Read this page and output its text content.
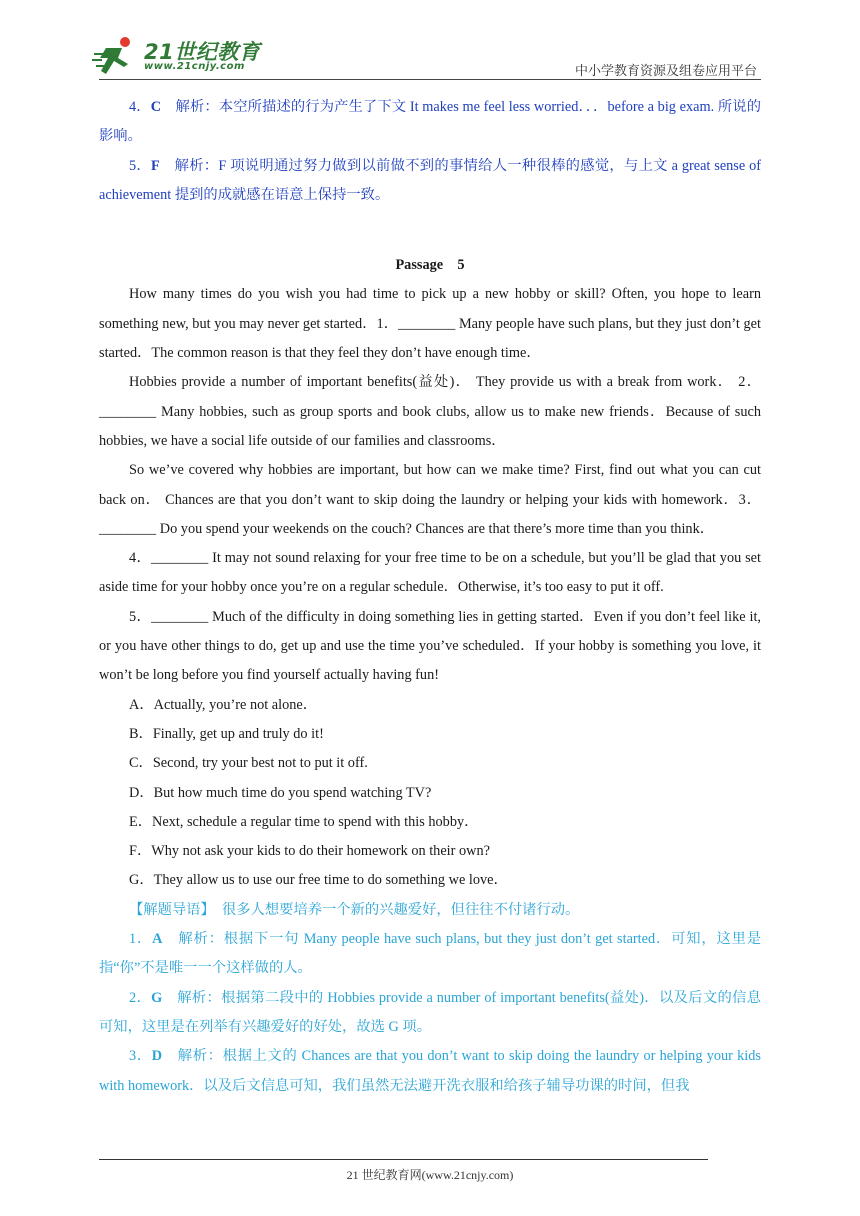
21世纪教育
www.21cnjy.com	中小学教育资源及组卷应用平台

4．C　解析：本空所描述的行为产生了下文 It makes me feel less worried．．．before a big exam. 所说的影响。

5．F　解析：F 项说明通过努力做到以前做不到的事情给人一种很棒的感觉，与上文 a great sense of achievement 提到的成就感在语意上保持一致。

Passage　5

How many times do you wish you had time to pick up a new hobby or skill? Often, you hope to learn something new, but you may never get started．1．________ Many people have such plans, but they just don’t get started．The common reason is that they feel they don’t have enough time．

Hobbies provide a number of important benefits(益处)． They provide us with a break from work． 2． ________ Many hobbies, such as group sports and book clubs, allow us to make new friends．Because of such hobbies, we have a social life outside of our families and classrooms．

So we’ve covered why hobbies are important, but how can we make time? First, find out what you can cut back on． Chances are that you don’t want to skip doing the laundry or helping your kids with homework．3．________ Do you spend your weekends on the couch? Chances are that there’s more time than you think．

4．________ It may not sound relaxing for your free time to be on a schedule, but you’ll be glad that you set aside time for your hobby once you’re on a regular schedule．Otherwise, it’s too easy to put it off.

5．________ Much of the difficulty in doing something lies in getting started．Even if you don’t feel like it, or you have other things to do, get up and use the time you’ve scheduled．If your hobby is something you love, it won’t be long before you find yourself actually having fun!

A．Actually, you’re not alone．

B．Finally, get up and truly do it!

C．Second, try your best not to put it off.

D．But how much time do you spend watching TV?

E．Next, schedule a regular time to spend with this hobby．

F．Why not ask your kids to do their homework on their own?

G．They allow us to use our free time to do something we love．

【解题导语】　很多人想要培养一个新的兴趣爱好，但往往不付诸行动。

1．A　解析：根据下一句 Many people have such plans, but they just don’t get started．可知，这里是指“你”不是唯一一个这样做的人。

2．G　解析：根据第二段中的 Hobbies provide a number of important benefits(益处)．以及后文的信息可知，这里是在列举有兴趣爱好的好处，故选 G 项。

3．D　解析：根据上文的 Chances are that you don’t want to skip doing the laundry or helping your kids with homework．以及后文信息可知，我们虽然无法避开洗衣服和给孩子辅导功课的时间，但我

21 世纪教育网(www.21cnjy.com)
